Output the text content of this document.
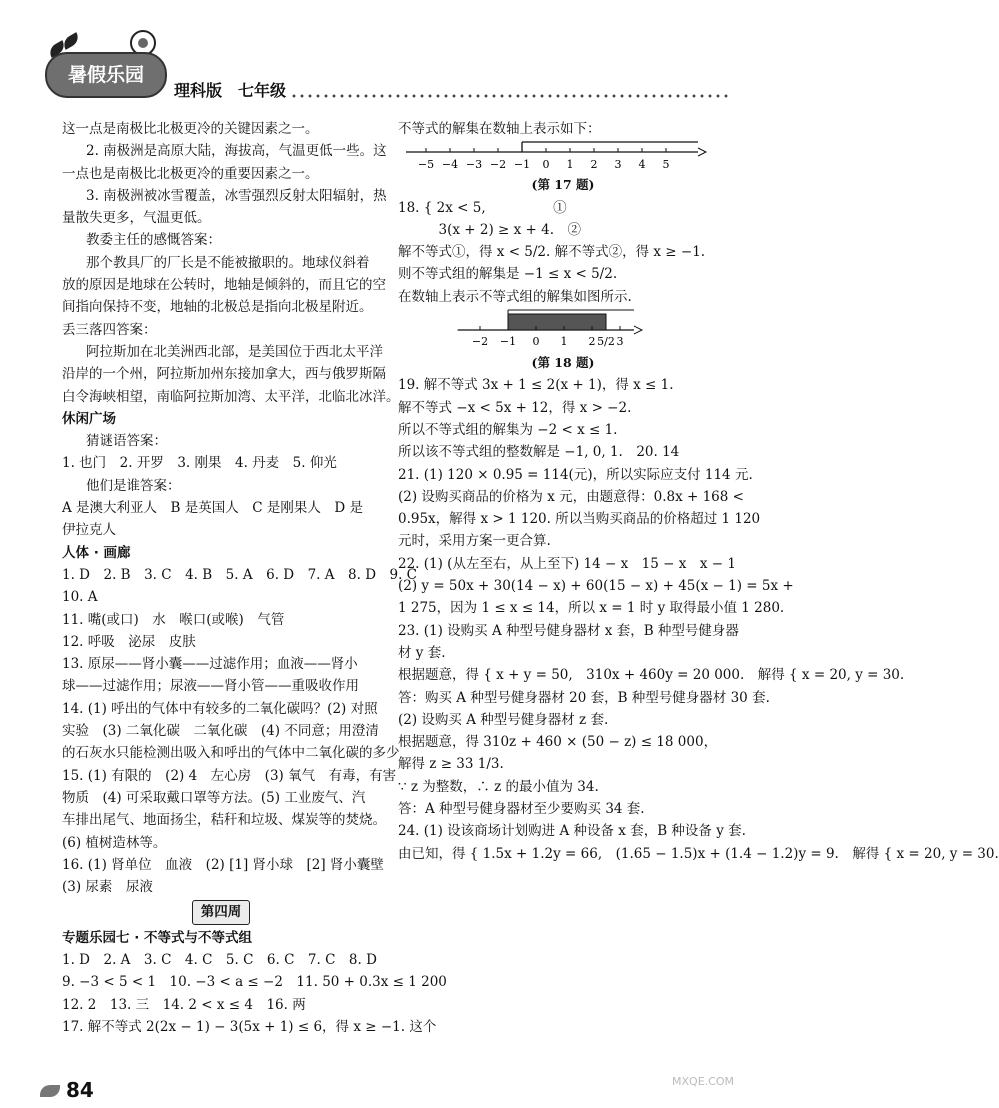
暑假乐园
理科版　七年级
这一点是南极比北极更冷的关键因素之一。
2. 南极洲是高原大陆，海拔高，气温更低一些。这
一点也是南极比北极更冷的重要因素之一。
3. 南极洲被冰雪覆盖，冰雪强烈反射太阳辐射，热
量散失更多，气温更低。
教委主任的感慨答案：
那个教具厂的厂长是不能被撤职的。地球仪斜着
放的原因是地球在公转时，地轴是倾斜的，而且它的空
间指向保持不变，地轴的北极总是指向北极星附近。
丢三落四答案：
阿拉斯加在北美洲西北部，是美国位于西北太平洋
沿岸的一个州，阿拉斯加州东接加拿大，西与俄罗斯隔
白令海峡相望，南临阿拉斯加湾、太平洋，北临北冰洋。
休闲广场
猜谜语答案：
1. 也门　2. 开罗　3. 刚果　4. 丹麦　5. 仰光
他们是谁答案：
A 是澳大利亚人　B 是英国人　C 是刚果人　D 是
伊拉克人
人体 · 画廊
1. D　2. B　3. C　4. B　5. A　6. D　7. A　8. D　9. C
10. A
11. 嘴(或口)　水　喉口(或喉)　气管
12. 呼吸　泌尿　皮肤
13. 原尿——肾小囊——过滤作用；血液——肾小
球——过滤作用；尿液——肾小管——重吸收作用
14. (1) 呼出的气体中有较多的二氧化碳吗？(2) 对照
实验　(3) 二氧化碳　二氧化碳　(4) 不同意；用澄清
的石灰水只能检测出吸入和呼出的气体中二氧化碳的多少
15. (1) 有限的　(2) 4　左心房　(3) 氧气　有毒，有害
物质　(4) 可采取戴口罩等方法。(5) 工业废气、汽
车排出尾气、地面扬尘，秸秆和垃圾、煤炭等的焚烧。
(6) 植树造林等。
16. (1) 肾单位　血液　(2) [1] 肾小球　[2] 肾小囊壁
(3) 尿素　尿液
第四周
专题乐园七 · 不等式与不等式组
1. D　2. A　3. C　4. C　5. C　6. C　7. C　8. D
9. −3 < 5 < 1　10. −3 < a ≤ −2　11. 50 + 0.3x ≤ 1 200
12. 2　13. 三　14. 2 < x ≤ 4　16. 两
17. 解不等式 2(2x − 1) − 3(5x + 1) ≤ 6，得 x ≥ −1. 这个
不等式的解集在数轴上表示如下：
−5 −4 −3 −2 −1 0 1 2 3 4 5
(第 17 题)
18. { 2x < 5,　　　　　①
　　　3(x + 2) ≥ x + 4.　②
解不等式①，得 x < 5/2. 解不等式②，得 x ≥ −1.
则不等式组的解集是 −1 ≤ x < 5/2.
在数轴上表示不等式组的解集如图所示.
−2 −1 0 1 2 5/2 3
(第 18 题)
19. 解不等式 3x + 1 ≤ 2(x + 1)，得 x ≤ 1.
解不等式 −x < 5x + 12，得 x > −2.
所以不等式组的解集为 −2 < x ≤ 1.
所以该不等式组的整数解是 −1, 0, 1.　20. 14
21. (1) 120 × 0.95 = 114(元)，所以实际应支付 114 元.
(2) 设购买商品的价格为 x 元，由题意得：0.8x + 168 <
0.95x，解得 x > 1 120. 所以当购买商品的价格超过 1 120
元时，采用方案一更合算.
22. (1) (从左至右，从上至下) 14 − x　15 − x　x − 1
(2) y = 50x + 30(14 − x) + 60(15 − x) + 45(x − 1) = 5x +
1 275，因为 1 ≤ x ≤ 14，所以 x = 1 时 y 取得最小值 1 280.
23. (1) 设购买 A 种型号健身器材 x 套，B 种型号健身器
材 y 套.
根据题意，得 { x + y = 50,　310x + 460y = 20 000.　解得 { x = 20, y = 30.
答：购买 A 种型号健身器材 20 套，B 种型号健身器材 30 套.
(2) 设购买 A 种型号健身器材 z 套.
根据题意，得 310z + 460 × (50 − z) ≤ 18 000，
解得 z ≥ 33 1/3.
∵ z 为整数，∴ z 的最小值为 34.
答：A 种型号健身器材至少要购买 34 套.
24. (1) 设该商场计划购进 A 种设备 x 套，B 种设备 y 套.
由已知，得 { 1.5x + 1.2y = 66,　(1.65 − 1.5)x + (1.4 − 1.2)y = 9.　解得 { x = 20, y = 30.
84	MXQE.COM
